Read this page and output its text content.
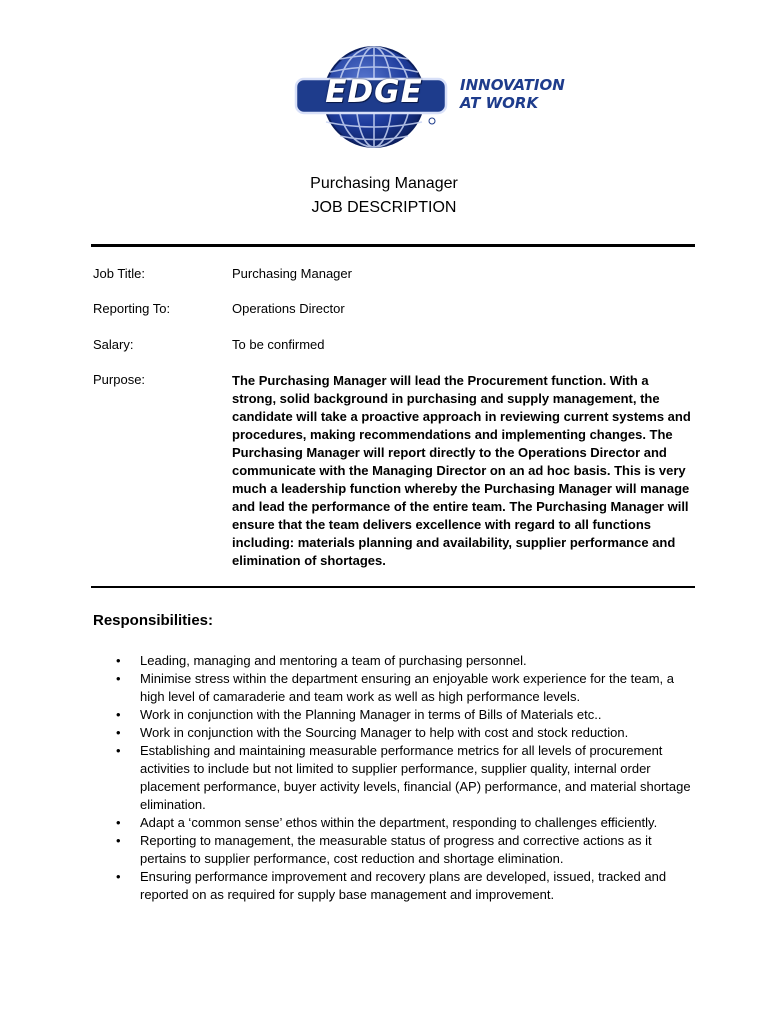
EDGE	INNOVATION
AT WORK
Purchasing Manager
JOB DESCRIPTION
Job Title:	Purchasing Manager
Reporting To:	Operations Director
Salary:	To be confirmed
Purpose:	The Purchasing Manager will lead the Procurement function. With a strong, solid background in purchasing and supply management, the candidate will take a proactive approach in reviewing current systems and procedures, making recommendations and implementing changes. The Purchasing Manager will report directly to the Operations Director and communicate with the Managing Director on an ad hoc basis. This is very much a leadership function whereby the Purchasing Manager will manage and lead the performance of the entire team. The Purchasing Manager will ensure that the team delivers excellence with regard to all functions including: materials planning and availability, supplier performance and elimination of shortages.
Responsibilities:
• Leading, managing and mentoring a team of purchasing personnel.
• Minimise stress within the department ensuring an enjoyable work experience for the team, a high level of camaraderie and team work as well as high performance levels.
• Work in conjunction with the Planning Manager in terms of Bills of Materials etc..
• Work in conjunction with the Sourcing Manager to help with cost and stock reduction.
• Establishing and maintaining measurable performance metrics for all levels of procurement activities to include but not limited to supplier performance, supplier quality, internal order placement performance, buyer activity levels, financial (AP) performance, and material shortage elimination.
• Adapt a ‘common sense’ ethos within the department, responding to challenges efficiently.
• Reporting to management, the measurable status of progress and corrective actions as it pertains to supplier performance, cost reduction and shortage elimination.
• Ensuring performance improvement and recovery plans are developed, issued, tracked and reported on as required for supply base management and improvement.
